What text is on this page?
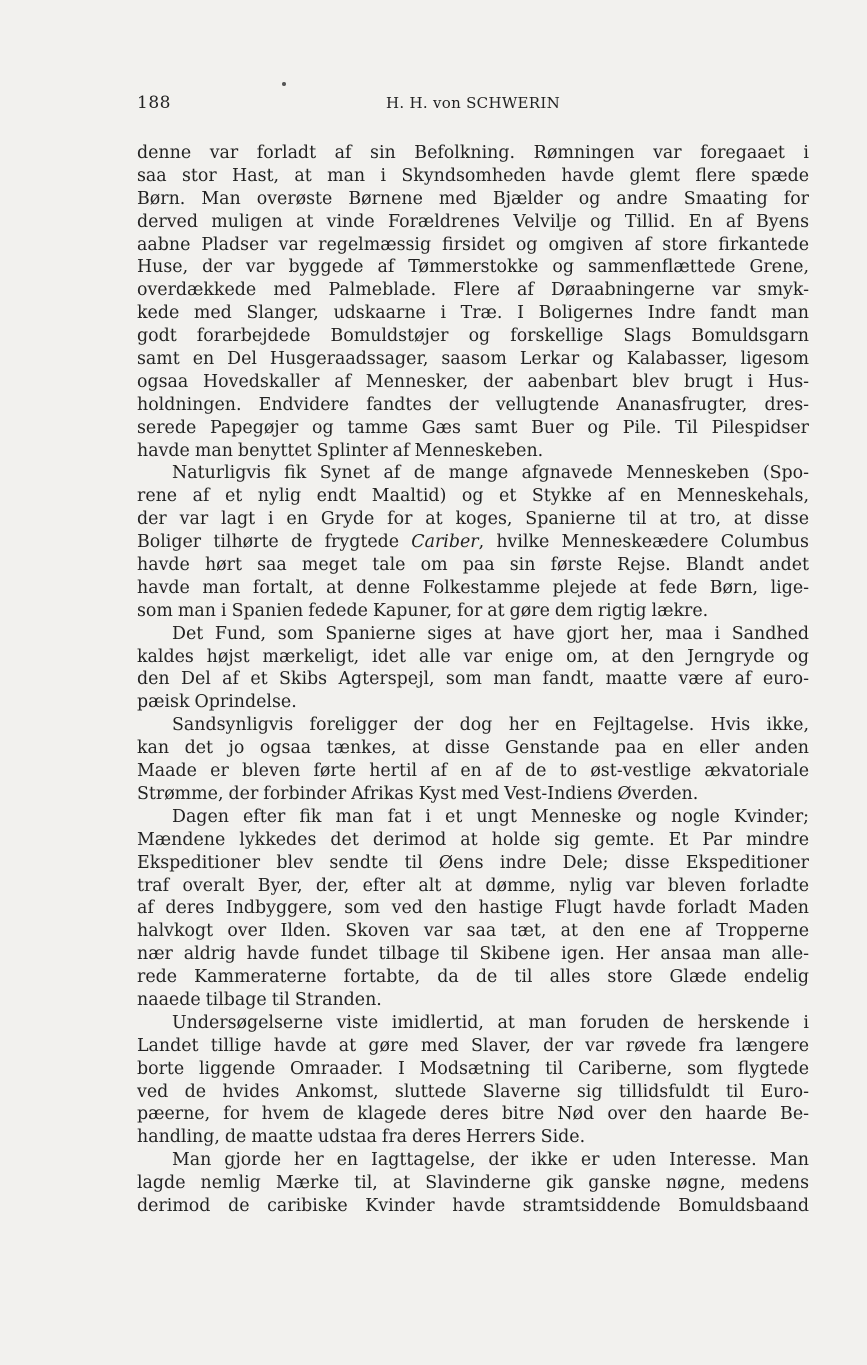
188	H. H. von SCHWERIN
denne var forladt af sin Befolkning. Rømningen var foregaaet i
saa stor Hast, at man i Skyndsomheden havde glemt flere spæde
Børn. Man overøste Børnene med Bjælder og andre Smaating for
derved muligen at vinde Forældrenes Velvilje og Tillid. En af Byens
aabne Pladser var regelmæssig firsidet og omgiven af store firkantede
Huse, der var byggede af Tømmerstokke og sammenflættede Grene,
overdækkede med Palmeblade. Flere af Døraabningerne var smyk-
kede med Slanger, udskaarne i Træ. I Boligernes Indre fandt man
godt forarbejdede Bomuldstøjer og forskellige Slags Bomuldsgarn
samt en Del Husgeraadssager, saasom Lerkar og Kalabasser, ligesom
ogsaa Hovedskaller af Mennesker, der aabenbart blev brugt i Hus-
holdningen. Endvidere fandtes der vellugtende Ananasfrugter, dres-
serede Papegøjer og tamme Gæs samt Buer og Pile. Til Pilespidser
havde man benyttet Splinter af Menneskeben.
Naturligvis fik Synet af de mange afgnavede Menneskeben (Spo-
rene af et nylig endt Maaltid) og et Stykke af en Menneskehals,
der var lagt i en Gryde for at koges, Spanierne til at tro, at disse
Boliger tilhørte de frygtede Cariber, hvilke Menneskeædere Columbus
havde hørt saa meget tale om paa sin første Rejse. Blandt andet
havde man fortalt, at denne Folkestamme plejede at fede Børn, lige-
som man i Spanien fedede Kapuner, for at gøre dem rigtig lækre.
Det Fund, som Spanierne siges at have gjort her, maa i Sandhed
kaldes højst mærkeligt, idet alle var enige om, at den Jerngryde og
den Del af et Skibs Agterspejl, som man fandt, maatte være af euro-
pæisk Oprindelse.
Sandsynligvis foreligger der dog her en Fejltagelse. Hvis ikke,
kan det jo ogsaa tænkes, at disse Genstande paa en eller anden
Maade er bleven førte hertil af en af de to øst-vestlige ækvatoriale
Strømme, der forbinder Afrikas Kyst med Vest-Indiens Øverden.
Dagen efter fik man fat i et ungt Menneske og nogle Kvinder;
Mændene lykkedes det derimod at holde sig gemte. Et Par mindre
Ekspeditioner blev sendte til Øens indre Dele; disse Ekspeditioner
traf overalt Byer, der, efter alt at dømme, nylig var bleven forladte
af deres Indbyggere, som ved den hastige Flugt havde forladt Maden
halvkogt over Ilden. Skoven var saa tæt, at den ene af Tropperne
nær aldrig havde fundet tilbage til Skibene igen. Her ansaa man alle-
rede Kammeraterne fortabte, da de til alles store Glæde endelig
naaede tilbage til Stranden.
Undersøgelserne viste imidlertid, at man foruden de herskende i
Landet tillige havde at gøre med Slaver, der var røvede fra længere
borte liggende Omraader. I Modsætning til Cariberne, som flygtede
ved de hvides Ankomst, sluttede Slaverne sig tillidsfuldt til Euro-
pæerne, for hvem de klagede deres bitre Nød over den haarde Be-
handling, de maatte udstaa fra deres Herrers Side.
Man gjorde her en Iagttagelse, der ikke er uden Interesse. Man
lagde nemlig Mærke til, at Slavinderne gik ganske nøgne, medens
derimod de caribiske Kvinder havde stramtsiddende Bomuldsbaand
